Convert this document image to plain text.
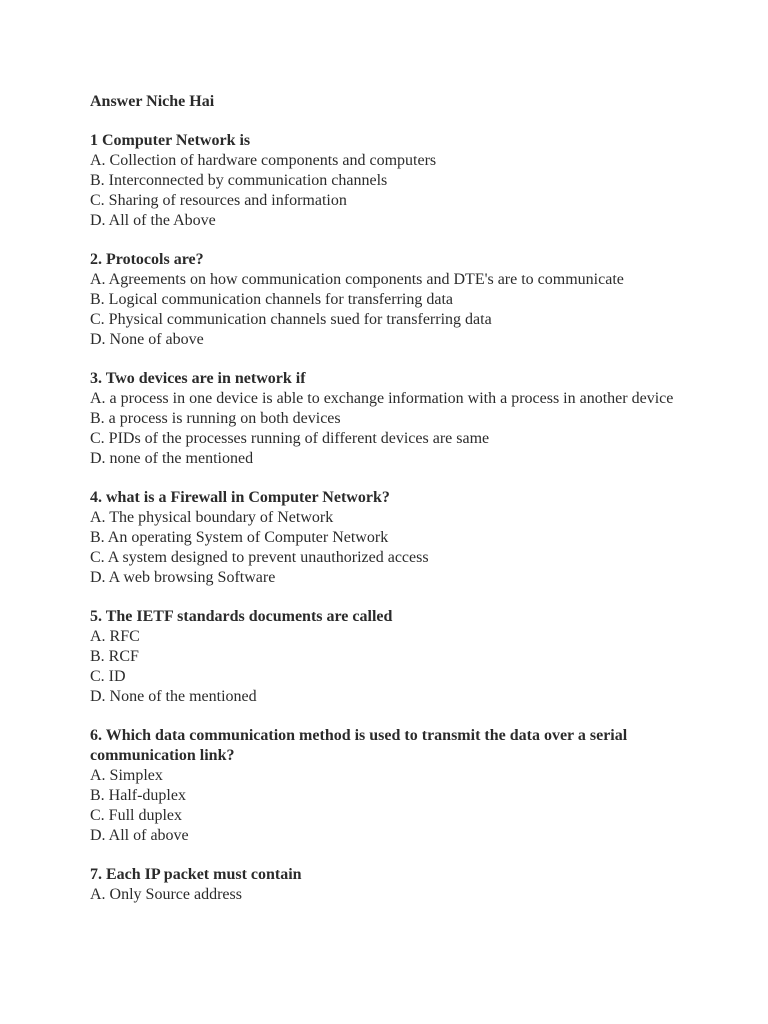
Answer Niche Hai

1 Computer Network is

A. Collection of hardware components and computers

B. Interconnected by communication channels

C. Sharing of resources and information

D. All of the Above

2. Protocols are?

A. Agreements on how communication components and DTE's are to communicate

B. Logical communication channels for transferring data

C. Physical communication channels sued for transferring data

D. None of above

3. Two devices are in network if

A. a process in one device is able to exchange information with a process in another device

B. a process is running on both devices

C. PIDs of the processes running of different devices are same

D. none of the mentioned

4. what is a Firewall in Computer Network?

A. The physical boundary of Network

B. An operating System of Computer Network

C. A system designed to prevent unauthorized access

D. A web browsing Software

5. The IETF standards documents are called

A. RFC

B. RCF

C. ID

D. None of the mentioned

6. Which data communication method is used to transmit the data over a serial communication link?

A. Simplex

B. Half-duplex

C. Full duplex

D. All of above

7. Each IP packet must contain

A. Only Source address
